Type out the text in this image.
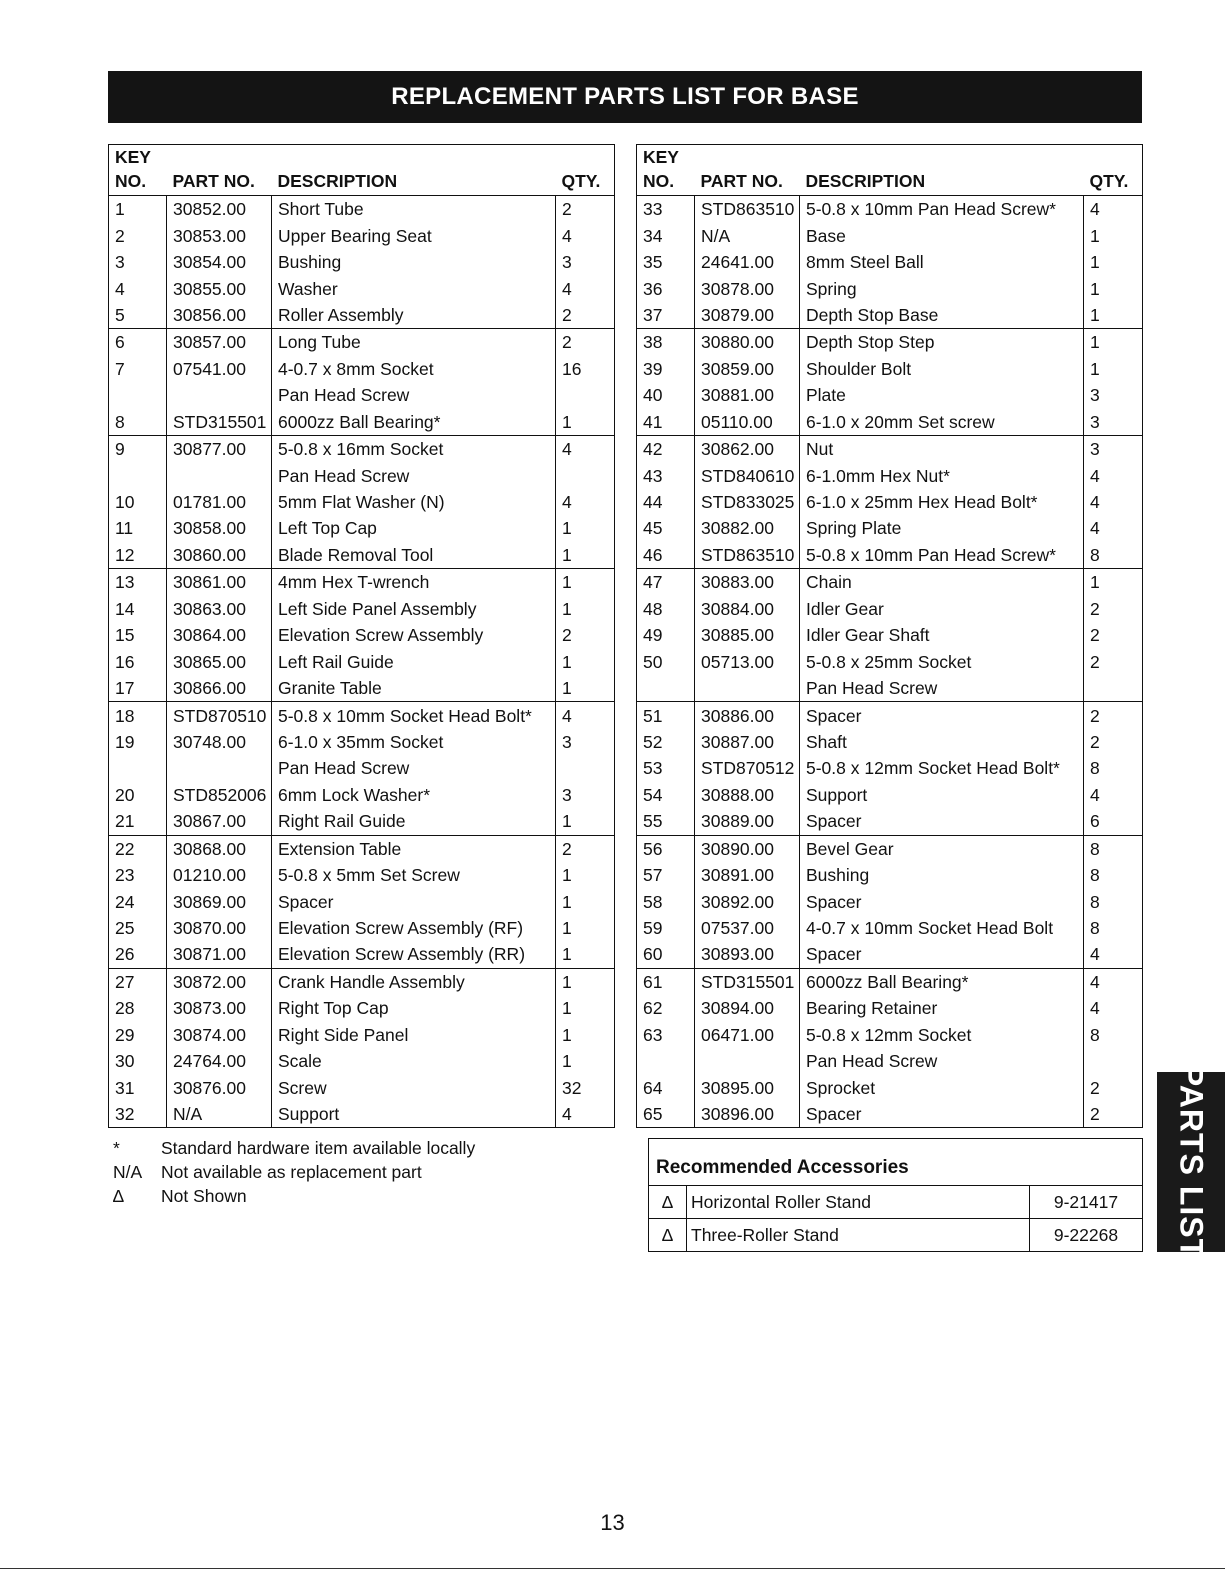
REPLACEMENT PARTS LIST FOR BASE
KEY
NO.	PART NO.	DESCRIPTION	QTY.
1	30852.00	Short Tube	2
2	30853.00	Upper Bearing Seat	4
3	30854.00	Bushing	3
4	30855.00	Washer	4
5	30856.00	Roller Assembly	2
6	30857.00	Long Tube	2
7	07541.00	4-0.7 x 8mm Socket	16
		Pan Head Screw	
8	STD315501	6000zz Ball Bearing*	1
9	30877.00	5-0.8 x 16mm Socket	4
		Pan Head Screw	
10	01781.00	5mm Flat Washer (N)	4
11	30858.00	Left Top Cap	1
12	30860.00	Blade Removal Tool	1
13	30861.00	4mm Hex T-wrench	1
14	30863.00	Left Side Panel Assembly	1
15	30864.00	Elevation Screw Assembly	2
16	30865.00	Left Rail Guide	1
17	30866.00	Granite Table	1
18	STD870510	5-0.8 x 10mm Socket Head Bolt*	4
19	30748.00	6-1.0 x 35mm Socket	3
		Pan Head Screw	
20	STD852006	6mm Lock Washer*	3
21	30867.00	Right Rail Guide	1
22	30868.00	Extension Table	2
23	01210.00	5-0.8 x 5mm Set Screw	1
24	30869.00	Spacer	1
25	30870.00	Elevation Screw Assembly (RF)	1
26	30871.00	Elevation Screw Assembly (RR)	1
27	30872.00	Crank Handle Assembly	1
28	30873.00	Right Top Cap	1
29	30874.00	Right Side Panel	1
30	24764.00	Scale	1
31	30876.00	Screw	32
32	N/A	Support	4
KEY
NO.	PART NO.	DESCRIPTION	QTY.
33	STD863510	5-0.8 x 10mm Pan Head Screw*	4
34	N/A	Base	1
35	24641.00	8mm Steel Ball	1
36	30878.00	Spring	1
37	30879.00	Depth Stop Base	1
38	30880.00	Depth Stop Step	1
39	30859.00	Shoulder Bolt	1
40	30881.00	Plate	3
41	05110.00	6-1.0 x 20mm Set screw	3
42	30862.00	Nut	3
43	STD840610	6-1.0mm Hex Nut*	4
44	STD833025	6-1.0 x 25mm Hex Head Bolt*	4
45	30882.00	Spring Plate	4
46	STD863510	5-0.8 x 10mm Pan Head Screw*	8
47	30883.00	Chain	1
48	30884.00	Idler Gear	2
49	30885.00	Idler Gear Shaft	2
50	05713.00	5-0.8 x 25mm Socket	2
		Pan Head Screw	
51	30886.00	Spacer	2
52	30887.00	Shaft	2
53	STD870512	5-0.8 x 12mm Socket Head Bolt*	8
54	30888.00	Support	4
55	30889.00	Spacer	6
56	30890.00	Bevel Gear	8
57	30891.00	Bushing	8
58	30892.00	Spacer	8
59	07537.00	4-0.7 x 10mm Socket Head Bolt	8
60	30893.00	Spacer	4
61	STD315501	6000zz Ball Bearing*	4
62	30894.00	Bearing Retainer	4
63	06471.00	5-0.8 x 12mm Socket	8
		Pan Head Screw	
64	30895.00	Sprocket	2
65	30896.00	Spacer	2
* Standard hardware item available locally
N/A Not available as replacement part
∆ Not Shown
Recommended Accessories
∆	Horizontal Roller Stand	9-21417
∆	Three-Roller Stand	9-22268	PARTS LIST
13
